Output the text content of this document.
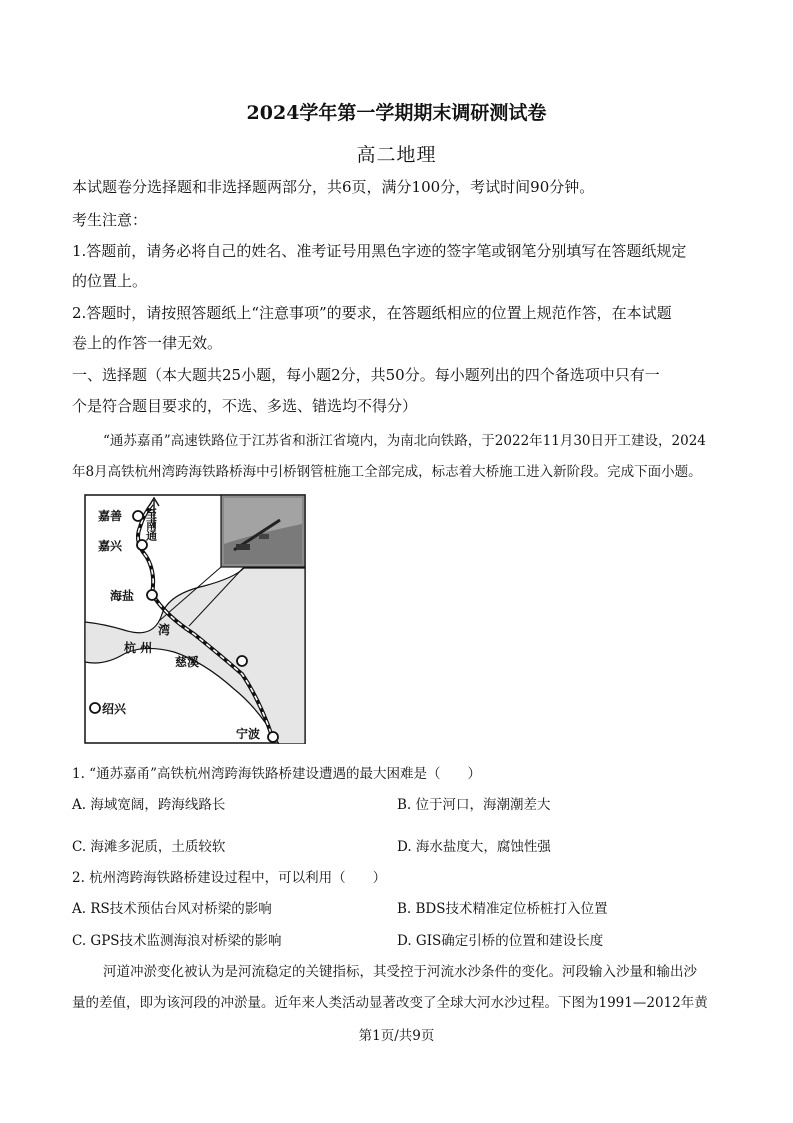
2024学年第一学期期末调研测试卷
高二地理
本试题卷分选择题和非选择题两部分，共6页，满分100分，考试时间90分钟。
考生注意：
1.答题前，请务必将自己的姓名、准考证号用黑色字迹的签字笔或钢笔分别填写在答题纸规定
的位置上。
2.答题时，请按照答题纸上“注意事项”的要求，在答题纸相应的位置上规范作答，在本试题
卷上的作答一律无效。
一、选择题（本大题共25小题，每小题2分，共50分。每小题列出的四个备选项中只有一
个是符合题目要求的，不选、多选、错选均不得分）
“通苏嘉甬”高速铁路位于江苏省和浙江省境内，为南北向铁路，于2022年11月30日开工建设，2024
年8月高铁杭州湾跨海铁路桥海中引桥钢管桩施工全部完成，标志着大桥施工进入新阶段。完成下面小题。
嘉善
嘉兴
海盐
湾
杭 州
慈溪
绍兴
宁波
至南通
1. “通苏嘉甬”高铁杭州湾跨海铁路桥建设遭遇的最大困难是（　　）
A. 海域宽阔，跨海线路长	B. 位于河口，海潮潮差大
C. 海滩多泥质，土质较软	D. 海水盐度大，腐蚀性强
2. 杭州湾跨海铁路桥建设过程中，可以利用（　　）
A. RS技术预估台风对桥梁的影响	B. BDS技术精准定位桥桩打入位置
C. GPS技术监测海浪对桥梁的影响	D. GIS确定引桥的位置和建设长度
河道冲淤变化被认为是河流稳定的关键指标，其受控于河流水沙条件的变化。河段输入沙量和输出沙
量的差值，即为该河段的冲淤量。近年来人类活动显著改变了全球大河水沙过程。下图为1991—2012年黄
第1页/共9页
